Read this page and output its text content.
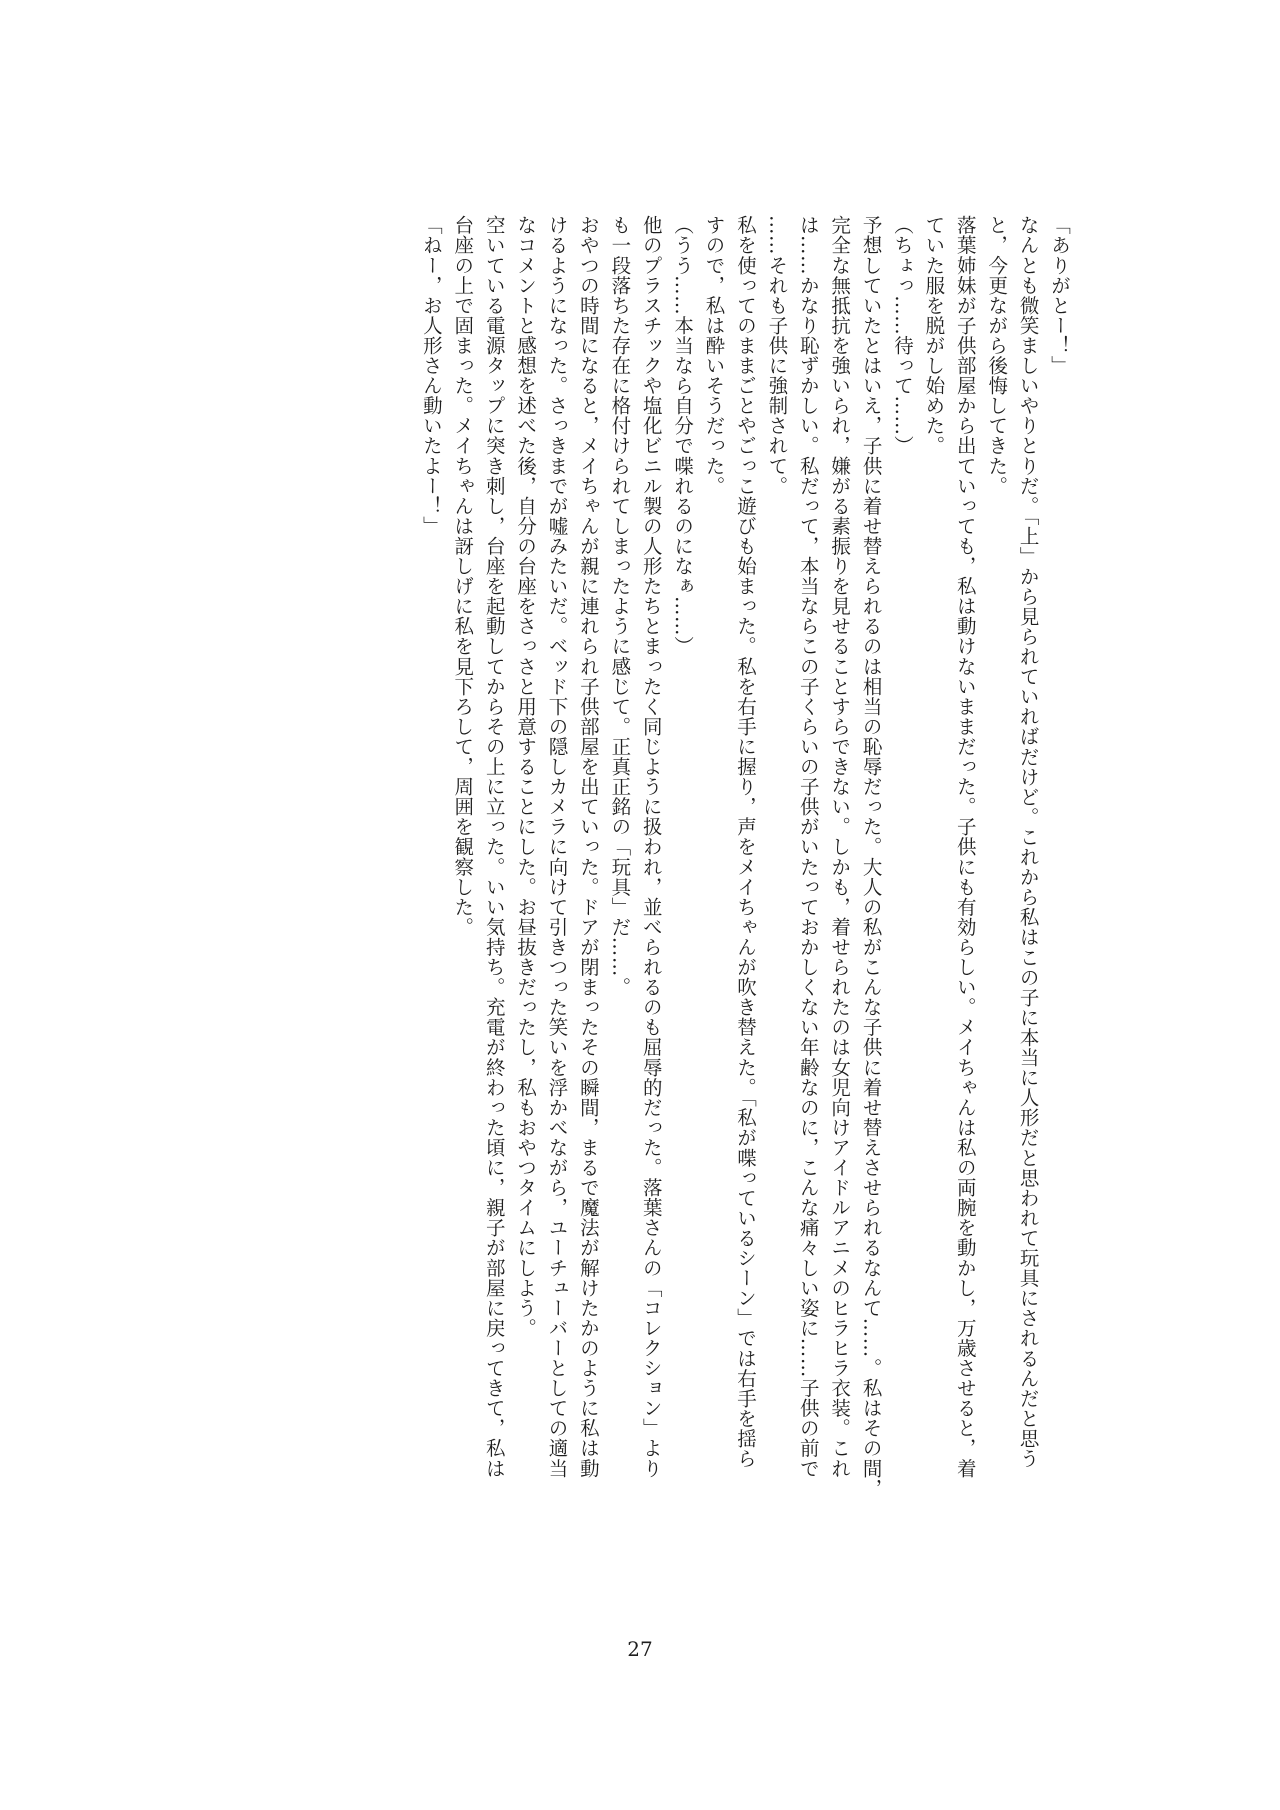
「ありがとー！」
なんとも微笑ましいやりとりだ。「上」から見られていればだけど。これから私はこの子に本当に人形だと思われて玩具にされるんだと思う
と，今更ながら後悔してきた。
落葉姉妹が子供部屋から出ていっても，私は動けないままだった。子供にも有効らしい。メイちゃんは私の両腕を動かし，万歳させると，着
ていた服を脱がし始めた。
（ちょっ……待って……）
予想していたとはいえ，子供に着せ替えられるのは相当の恥辱だった。大人の私がこんな子供に着せ替えさせられるなんて……。私はその間，
完全な無抵抗を強いられ，嫌がる素振りを見せることすらできない。しかも，着せられたのは女児向けアイドルアニメのヒラヒラ衣装。これ
は……かなり恥ずかしい。私だって，本当ならこの子くらいの子供がいたっておかしくない年齢なのに，こんな痛々しい姿に……子供の前で
……それも子供に強制されて。
私を使ってのままごとやごっこ遊びも始まった。私を右手に握り，声をメイちゃんが吹き替えた。「私が喋っているシーン」では右手を揺ら
すので，私は酔いそうだった。
（うう……本当なら自分で喋れるのになぁ……）
他のプラスチックや塩化ビニル製の人形たちとまったく同じように扱われ，並べられるのも屈辱的だった。落葉さんの「コレクション」より
も一段落ちた存在に格付けられてしまったように感じて。正真正銘の「玩具」だ……。
おやつの時間になると，メイちゃんが親に連れられ子供部屋を出ていった。ドアが閉まったその瞬間，まるで魔法が解けたかのように私は動
けるようになった。さっきまでが嘘みたいだ。ベッド下の隠しカメラに向けて引きつった笑いを浮かべながら，ユーチューバーとしての適当
なコメントと感想を述べた後，自分の台座をさっさと用意することにした。お昼抜きだったし，私もおやつタイムにしよう。
空いている電源タップに突き刺し，台座を起動してからその上に立った。いい気持ち。充電が終わった頃に，親子が部屋に戻ってきて，私は
台座の上で固まった。メイちゃんは訝しげに私を見下ろして，周囲を観察した。
「ねー，お人形さん動いたよー！」
27
